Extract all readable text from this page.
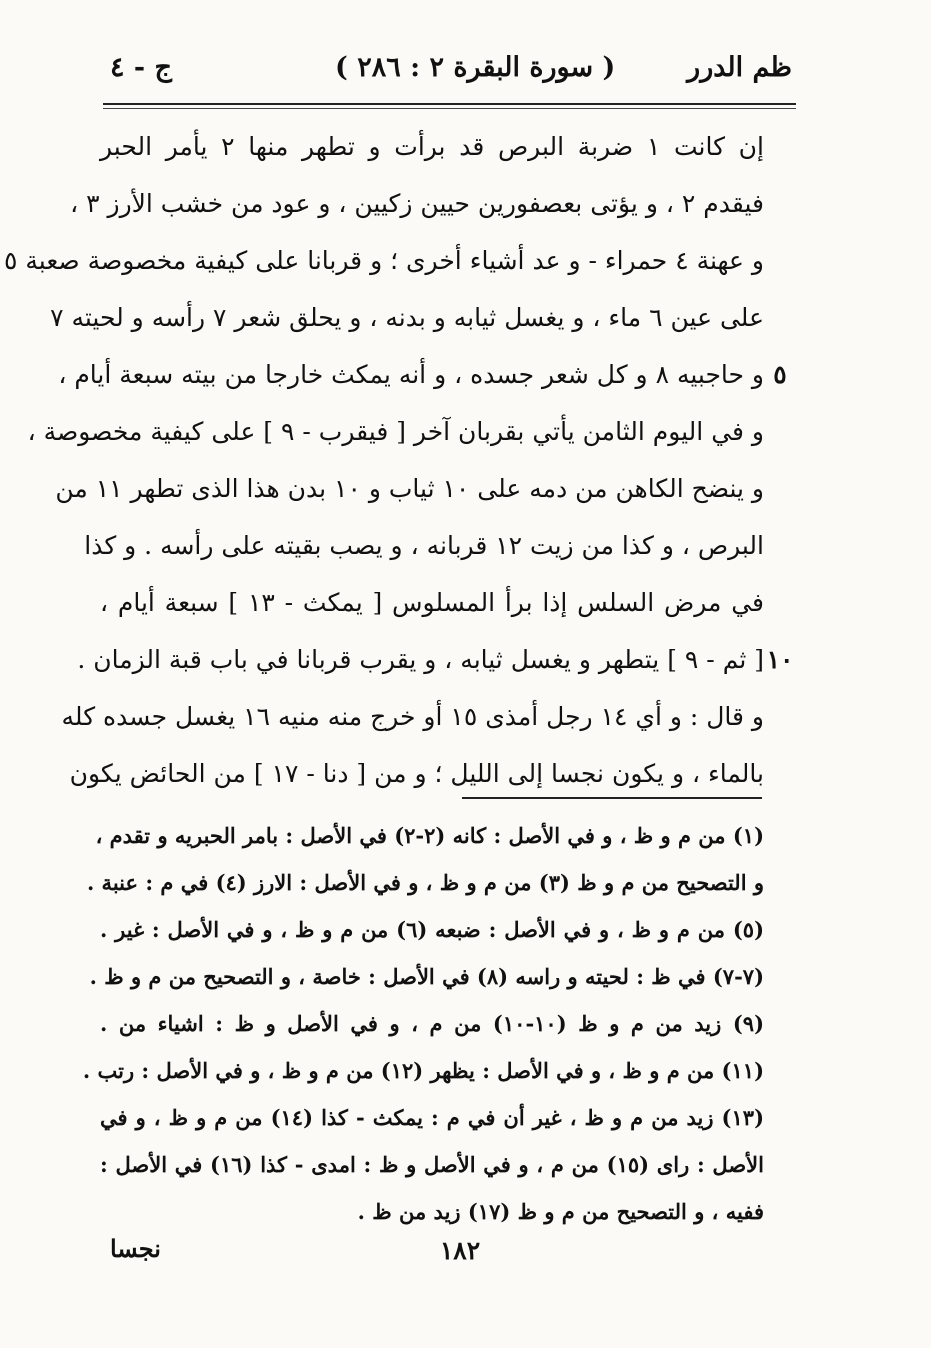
ج - ٤	( سورة البقرة ٢ : ٢٨٦ )	ظم الدرر
إن كانت ١ ضربة البرص قد برأت و تطهر منها ٢ يأمر الحبر
فيقدم ٢ ، و يؤتى بعصفورين حيين زكيين ، و عود من خشب الأرز ٣ ،
و عهنة ٤ حمراء - و عد أشياء أخرى ؛ و قربانا على كيفية مخصوصة صعبة ٥
على عين ٦ ماء ، و يغسل ثيابه و بدنه ، و يحلق شعر ٧ رأسه و لحيته ٧
و حاجبيه ٨ و كل شعر جسده ، و أنه يمكث خارجا من بيته سبعة أيام ،
و في اليوم الثامن يأتي بقربان آخر [ فيقرب - ٩ ] على كيفية مخصوصة ،
و ينضح الكاهن من دمه على ١٠ ثياب و ١٠ بدن هذا الذى تطهر ١١ من
البرص ، و كذا من زيت ١٢ قربانه ، و يصب بقيته على رأسه . و كذا
في مرض السلس إذا برأ المسلوس [ يمكث - ١٣ ] سبعة أيام ،
[ ثم - ٩ ] يتطهر و يغسل ثيابه ، و يقرب قربانا في باب قبة الزمان .
و قال : و أي ١٤ رجل أمذى ١٥ أو خرج منه منيه ١٦ يغسل جسده كله
بالماء ، و يكون نجسا إلى الليل ؛ و من [ دنا - ١٧ ] من الحائض يكون
٥
١٠
(١) من م و ظ ، و في الأصل : كانه (٢-٢) في الأصل : بامر الحبريه و تقدم ،
و التصحيح من م و ظ (٣) من م و ظ ، و في الأصل : الارز (٤) في م : عنبة .
(٥) من م و ظ ، و في الأصل : ضبعه (٦) من م و ظ ، و في الأصل : غير .
(٧-٧) في ظ : لحيته و راسه (٨) في الأصل : خاصة ، و التصحيح من م و ظ .
(٩) زيد من م و ظ (١٠-١٠) من م ، و في الأصل و ظ : اشياء من .
(١١) من م و ظ ، و في الأصل : يظهر (١٢) من م و ظ ، و في الأصل : رتب .
(١٣) زيد من م و ظ ، غير أن في م : يمكث - كذا (١٤) من م و ظ ، و في
الأصل : راى (١٥) من م ، و في الأصل و ظ : امدى - كذا (١٦) في الأصل :
ففيه ، و التصحيح من م و ظ (١٧) زيد من ظ .
نجسا	١٨٢
